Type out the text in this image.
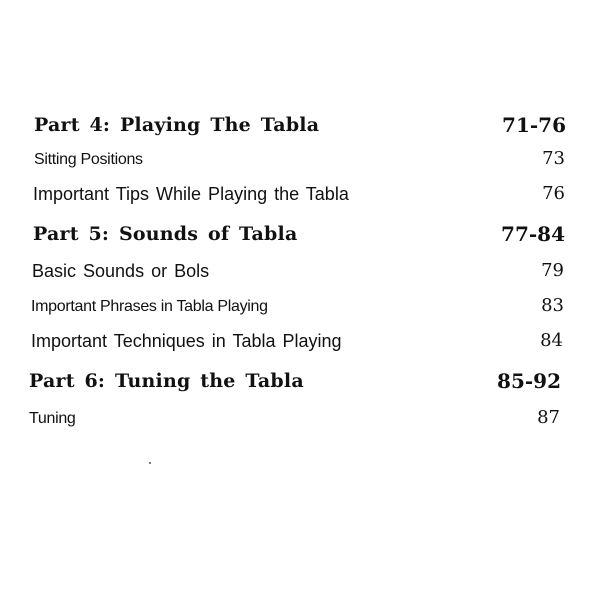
Part 4: Playing The Tabla	71-76
Sitting Positions	73
Important Tips While Playing the Tabla	76
Part 5: Sounds of Tabla	77-84
Basic Sounds or Bols	79
Important Phrases in Tabla Playing	83
Important Techniques in Tabla Playing	84
Part 6: Tuning the Tabla	85-92
Tuning	87
